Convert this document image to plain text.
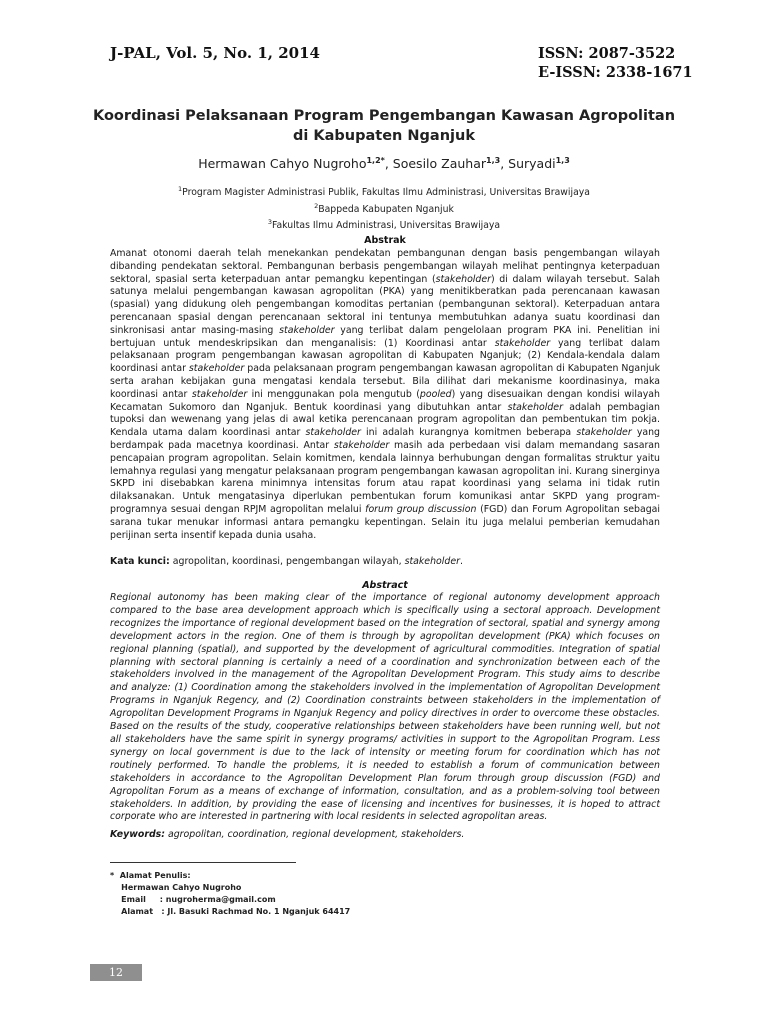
J-PAL, Vol. 5, No. 1, 2014	ISSN: 2087-3522
E-ISSN: 2338-1671
Koordinasi Pelaksanaan Program Pengembangan Kawasan Agropolitan
di Kabupaten Nganjuk
Hermawan Cahyo Nugroho$^{1,2*}$, Soesilo Zauhar$^{1,3}$, Suryadi$^{1,3}$
$^1$Program Magister Administrasi Publik, Fakultas Ilmu Administrasi, Universitas Brawijaya
$^2$Bappeda Kabupaten Nganjuk
$^3$Fakultas Ilmu Administrasi, Universitas Brawijaya
Abstrak
Amanat otonomi daerah telah menekankan pendekatan pembangunan dengan basis pengembangan wilayah dibanding pendekatan sektoral. Pembangunan berbasis pengembangan wilayah melihat pentingnya keterpaduan sektoral, spasial serta keterpaduan antar pemangku kepentingan (stakeholder) di dalam wilayah tersebut. Salah satunya melalui pengembangan kawasan agropolitan (PKA) yang menitikberatkan pada perencanaan kawasan (spasial) yang didukung oleh pengembangan komoditas pertanian (pembangunan sektoral). Keterpaduan antara perencanaan spasial dengan perencanaan sektoral ini tentunya membutuhkan adanya suatu koordinasi dan sinkronisasi antar masing-masing stakeholder yang terlibat dalam pengelolaan program PKA ini. Penelitian ini bertujuan untuk mendeskripsikan dan menganalisis: (1) Koordinasi antar stakeholder yang terlibat dalam pelaksanaan program pengembangan kawasan agropolitan di Kabupaten Nganjuk; (2) Kendala-kendala dalam koordinasi antar stakeholder pada pelaksanaan program pengembangan kawasan agropolitan di Kabupaten Nganjuk serta arahan kebijakan guna mengatasi kendala tersebut. Bila dilihat dari mekanisme koordinasinya, maka koordinasi antar stakeholder ini menggunakan pola mengutub (pooled) yang disesuaikan dengan kondisi wilayah Kecamatan Sukomoro dan Nganjuk. Bentuk koordinasi yang dibutuhkan antar stakeholder adalah pembagian tupoksi dan wewenang yang jelas di awal ketika perencanaan program agropolitan dan pembentukan tim pokja. Kendala utama dalam koordinasi antar stakeholder ini adalah kurangnya komitmen beberapa stakeholder yang berdampak pada macetnya koordinasi. Antar stakeholder masih ada perbedaan visi dalam memandang sasaran pencapaian program agropolitan. Selain komitmen, kendala lainnya berhubungan dengan formalitas struktur yaitu lemahnya regulasi yang mengatur pelaksanaan program pengembangan kawasan agropolitan ini. Kurang sinerginya SKPD ini disebabkan karena minimnya intensitas forum atau rapat koordinasi yang selama ini tidak rutin dilaksanakan. Untuk mengatasinya diperlukan pembentukan forum komunikasi antar SKPD yang program-programnya sesuai dengan RPJM agropolitan melalui forum group discussion (FGD) dan Forum Agropolitan sebagai sarana tukar menukar informasi antara pemangku kepentingan. Selain itu juga melalui pemberian kemudahan perijinan serta insentif kepada dunia usaha.
Kata kunci: agropolitan, koordinasi, pengembangan wilayah, stakeholder.
Abstract
Regional autonomy has been making clear of the importance of regional autonomy development approach compared to the base area development approach which is specifically using a sectoral approach. Development recognizes the importance of regional development based on the integration of sectoral, spatial and synergy among development actors in the region. One of them is through by agropolitan development (PKA) which focuses on regional planning (spatial), and supported by the development of agricultural commodities. Integration of spatial planning with sectoral planning is certainly a need of a coordination and synchronization between each of the stakeholders involved in the management of the Agropolitan Development Program. This study aims to describe and analyze: (1) Coordination among the stakeholders involved in the implementation of Agropolitan Development Programs in Nganjuk Regency, and (2) Coordination constraints between stakeholders in the implementation of Agropolitan Development Programs in Nganjuk Regency and policy directives in order to overcome these obstacles. Based on the results of the study, cooperative relationships between stakeholders have been running well, but not all stakeholders have the same spirit in synergy programs/ activities in support to the Agropolitan Program. Less synergy on local government is due to the lack of intensity or meeting forum for coordination which has not routinely performed. To handle the problems, it is needed to establish a forum of communication between stakeholders in accordance to the Agropolitan Development Plan forum through group discussion (FGD) and Agropolitan Forum as a means of exchange of information, consultation, and as a problem-solving tool between stakeholders. In addition, by providing the ease of licensing and incentives for businesses, it is hoped to attract corporate who are interested in partnering with local residents in selected agropolitan areas.
Keywords: agropolitan, coordination, regional development, stakeholders.
*  Alamat Penulis:
Hermawan Cahyo Nugroho
Email     : nugroherma@gmail.com
Alamat   : Jl. Basuki Rachmad No. 1 Nganjuk 64417
12
